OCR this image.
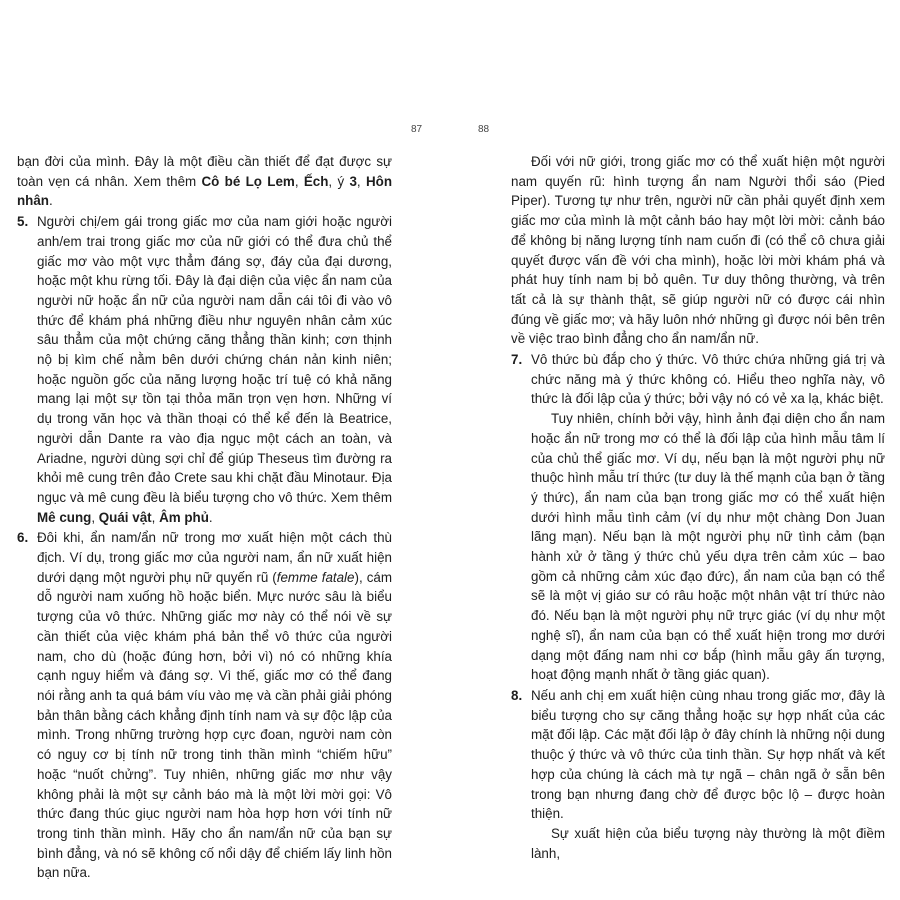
87	88

bạn đời của mình. Đây là một điều cần thiết để đạt được sự toàn vẹn cá nhân. Xem thêm Cô bé Lọ Lem, Ếch, ý 3, Hôn nhân.

5. Người chị/em gái trong giấc mơ của nam giới hoặc người anh/em trai trong giấc mơ của nữ giới có thể đưa chủ thể giấc mơ vào một vực thẳm đáng sợ, đáy của đại dương, hoặc một khu rừng tối. Đây là đại diện của việc ẩn nam của người nữ hoặc ẩn nữ của người nam dẫn cái tôi đi vào vô thức để khám phá những điều như nguyên nhân cảm xúc sâu thẳm của một chứng căng thẳng thần kinh; cơn thịnh nộ bị kìm chế nằm bên dưới chứng chán nản kinh niên; hoặc nguồn gốc của năng lượng hoặc trí tuệ có khả năng mang lại một sự tồn tại thỏa mãn trọn vẹn hơn. Những ví dụ trong văn học và thần thoại có thể kể đến là Beatrice, người dẫn Dante ra vào địa ngục một cách an toàn, và Ariadne, người dùng sợi chỉ để giúp Theseus tìm đường ra khỏi mê cung trên đảo Crete sau khi chặt đầu Minotaur. Địa ngục và mê cung đều là biểu tượng cho vô thức. Xem thêm Mê cung, Quái vật, Âm phủ.

6. Đôi khi, ẩn nam/ẩn nữ trong mơ xuất hiện một cách thù địch. Ví dụ, trong giấc mơ của người nam, ẩn nữ xuất hiện dưới dạng một người phụ nữ quyến rũ (femme fatale), cám dỗ người nam xuống hồ hoặc biển. Mực nước sâu là biểu tượng của vô thức. Những giấc mơ này có thể nói về sự cần thiết của việc khám phá bản thể vô thức của người nam, cho dù (hoặc đúng hơn, bởi vì) nó có những khía cạnh nguy hiểm và đáng sợ. Vì thế, giấc mơ có thể đang nói rằng anh ta quá bám víu vào mẹ và cần phải giải phóng bản thân bằng cách khẳng định tính nam và sự độc lập của mình. Trong những trường hợp cực đoan, người nam còn có nguy cơ bị tính nữ trong tinh thần mình “chiếm hữu” hoặc “nuốt chửng”. Tuy nhiên, những giấc mơ như vậy không phải là một sự cảnh báo mà là một lời mời gọi: Vô thức đang thúc giục người nam hòa hợp hơn với tính nữ trong tinh thần mình. Hãy cho ẩn nam/ẩn nữ của bạn sự bình đẳng, và nó sẽ không cố nổi dậy để chiếm lấy linh hồn bạn nữa.

Đối với nữ giới, trong giấc mơ có thể xuất hiện một người nam quyến rũ: hình tượng ẩn nam Người thổi sáo (Pied Piper). Tương tự như trên, người nữ cần phải quyết định xem giấc mơ của mình là một cảnh báo hay một lời mời: cảnh báo để không bị năng lượng tính nam cuốn đi (có thể cô chưa giải quyết được vấn đề với cha mình), hoặc lời mời khám phá và phát huy tính nam bị bỏ quên. Tư duy thông thường, và trên tất cả là sự thành thật, sẽ giúp người nữ có được cái nhìn đúng về giấc mơ; và hãy luôn nhớ những gì được nói bên trên về việc trao bình đẳng cho ẩn nam/ẩn nữ.

7. Vô thức bù đắp cho ý thức. Vô thức chứa những giá trị và chức năng mà ý thức không có. Hiểu theo nghĩa này, vô thức là đối lập của ý thức; bởi vậy nó có vẻ xa lạ, khác biệt.

Tuy nhiên, chính bởi vậy, hình ảnh đại diện cho ẩn nam hoặc ẩn nữ trong mơ có thể là đối lập của hình mẫu tâm lí của chủ thể giấc mơ. Ví dụ, nếu bạn là một người phụ nữ thuộc hình mẫu trí thức (tư duy là thế mạnh của bạn ở tầng ý thức), ẩn nam của bạn trong giấc mơ có thể xuất hiện dưới hình mẫu tình cảm (ví dụ như một chàng Don Juan lãng mạn). Nếu bạn là một người phụ nữ tình cảm (bạn hành xử ở tầng ý thức chủ yếu dựa trên cảm xúc – bao gồm cả những cảm xúc đạo đức), ẩn nam của bạn có thể sẽ là một vị giáo sư có râu hoặc một nhân vật trí thức nào đó. Nếu bạn là một người phụ nữ trực giác (ví dụ như một nghệ sĩ), ẩn nam của bạn có thể xuất hiện trong mơ dưới dạng một đấng nam nhi cơ bắp (hình mẫu gây ấn tượng, hoạt động mạnh nhất ở tầng giác quan).

8. Nếu anh chị em xuất hiện cùng nhau trong giấc mơ, đây là biểu tượng cho sự căng thẳng hoặc sự hợp nhất của các mặt đối lập. Các mặt đối lập ở đây chính là những nội dung thuộc ý thức và vô thức của tinh thần. Sự hợp nhất và kết hợp của chúng là cách mà tự ngã – chân ngã ở sẵn bên trong bạn nhưng đang chờ để được bộc lộ – được hoàn thiện.

Sự xuất hiện của biểu tượng này thường là một điềm lành,
